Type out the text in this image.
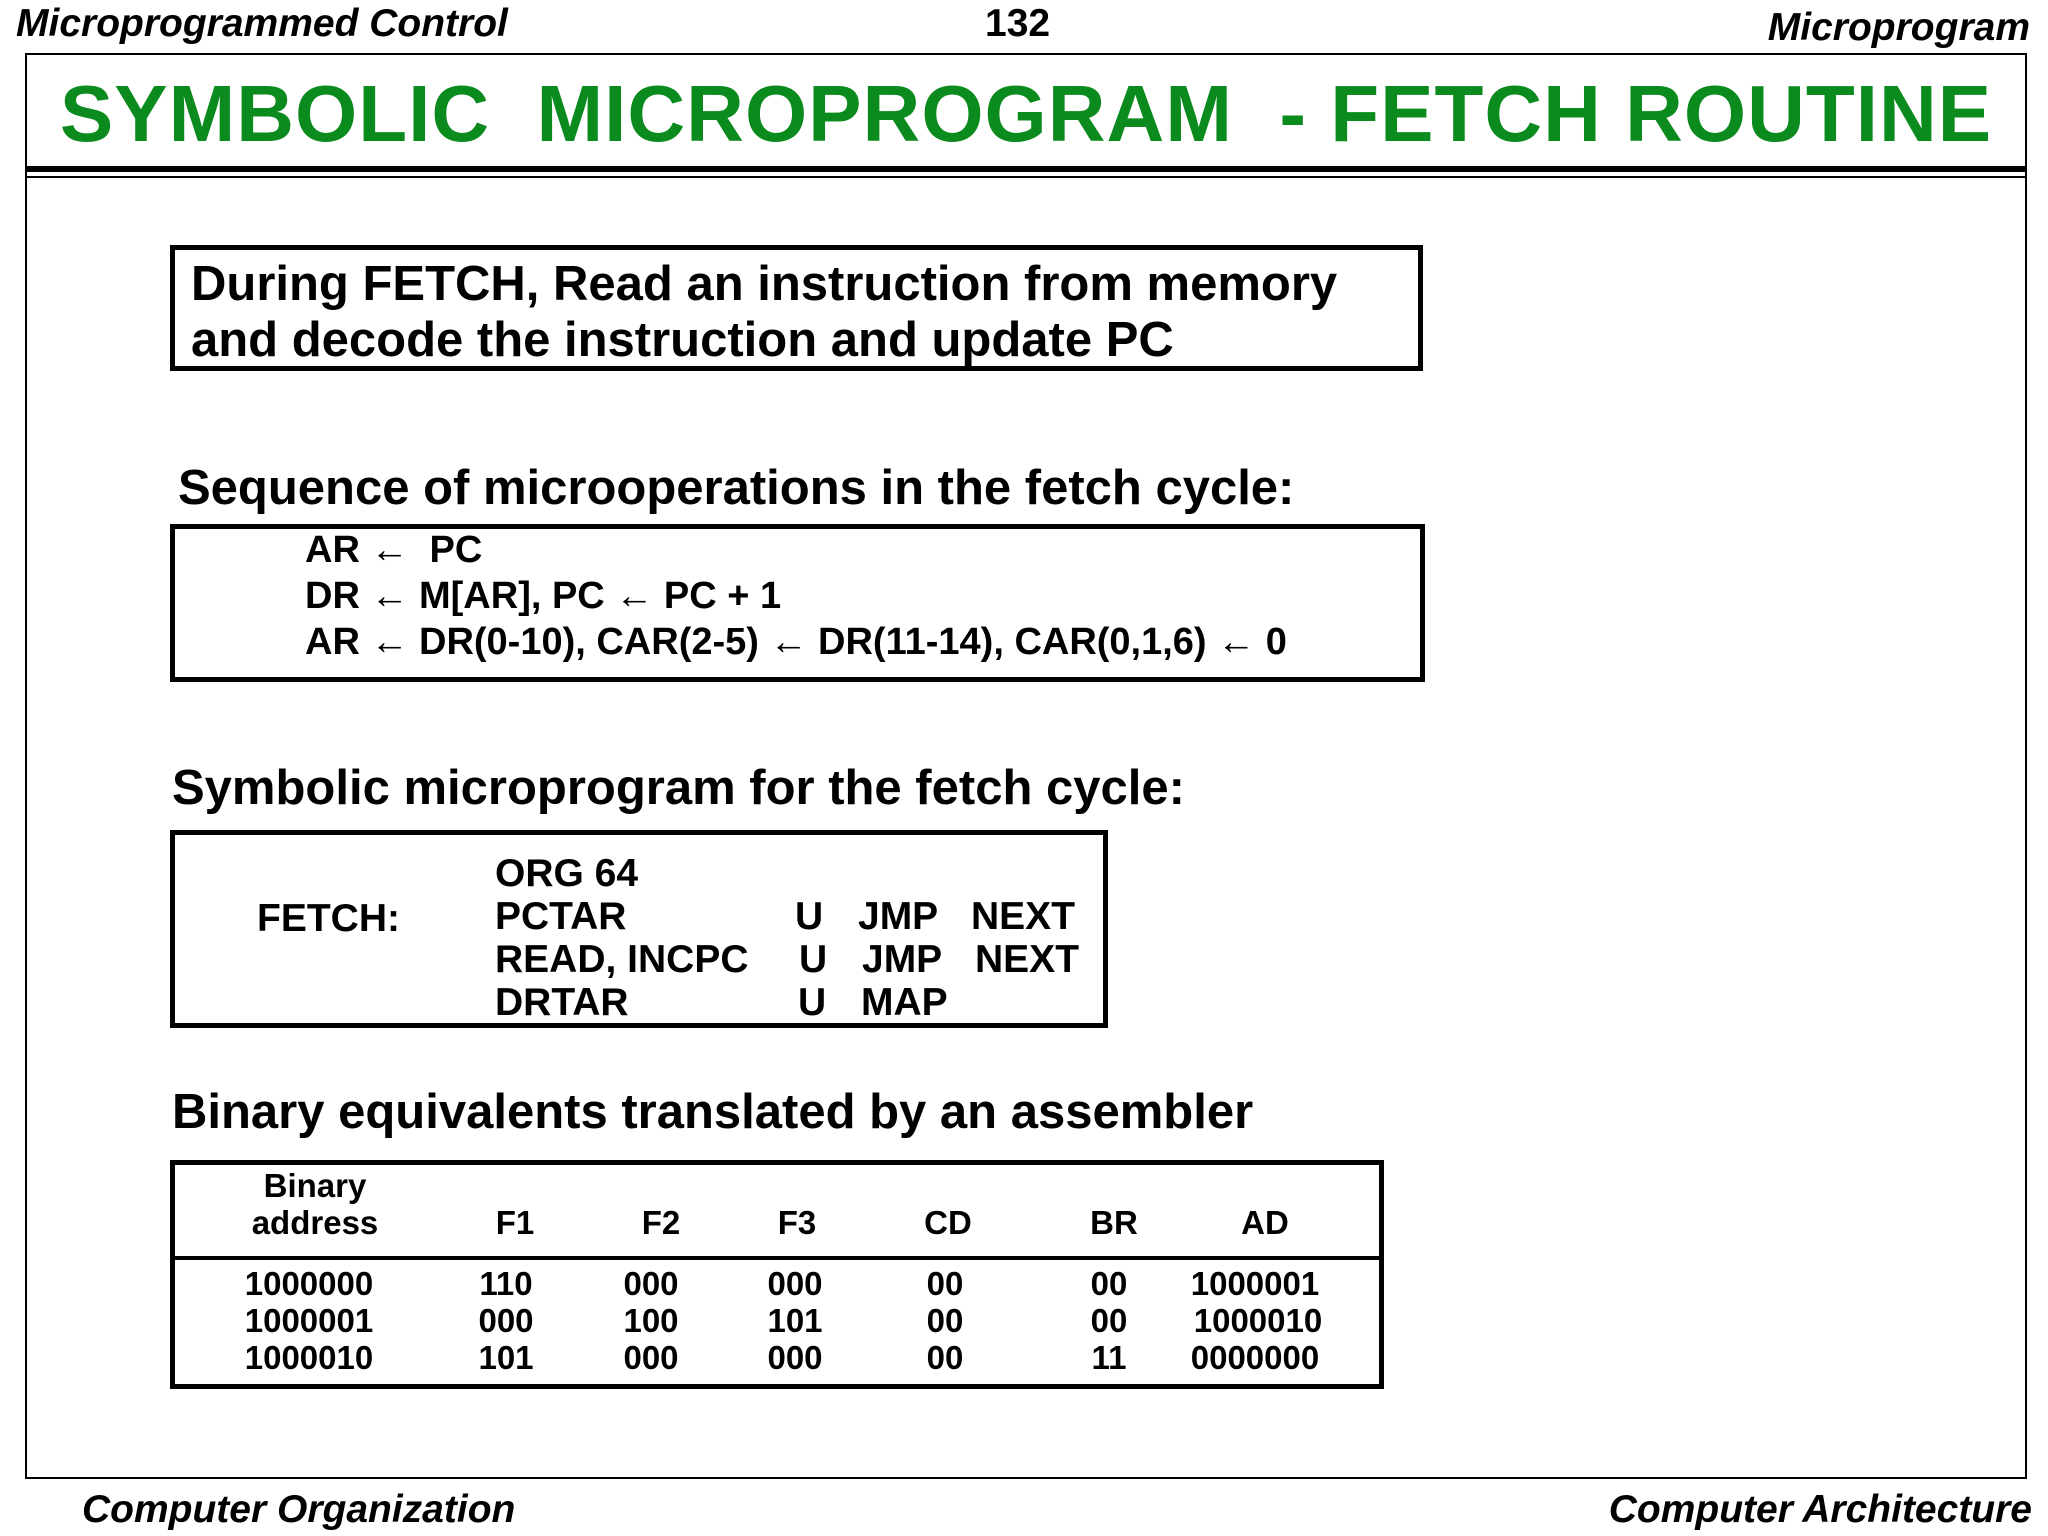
Microprogrammed Control	132	Microprogram
SYMBOLIC  MICROPROGRAM  - FETCH ROUTINE
During FETCH, Read an instruction from memory
and decode the instruction and update PC
Sequence of microoperations in the fetch cycle:
AR ←  PC
DR ← M[AR], PC ← PC + 1
AR ← DR(0-10), CAR(2-5) ← DR(11-14), CAR(0,1,6) ← 0
Symbolic microprogram for the fetch cycle:
ORG 64
FETCH: PCTAR	U JMP NEXT
READ, INCPC U JMP NEXT
DRTAR	U MAP
Binary equivalents translated by an assembler
Binary
address	F1	F2	F3	CD	BR	AD
1000000	110	000	000	00	00	1000001
1000001	000	100	101	00	00	1000010
1000010	101	000	000	00	11	0000000
Computer Organization	Computer Architecture
